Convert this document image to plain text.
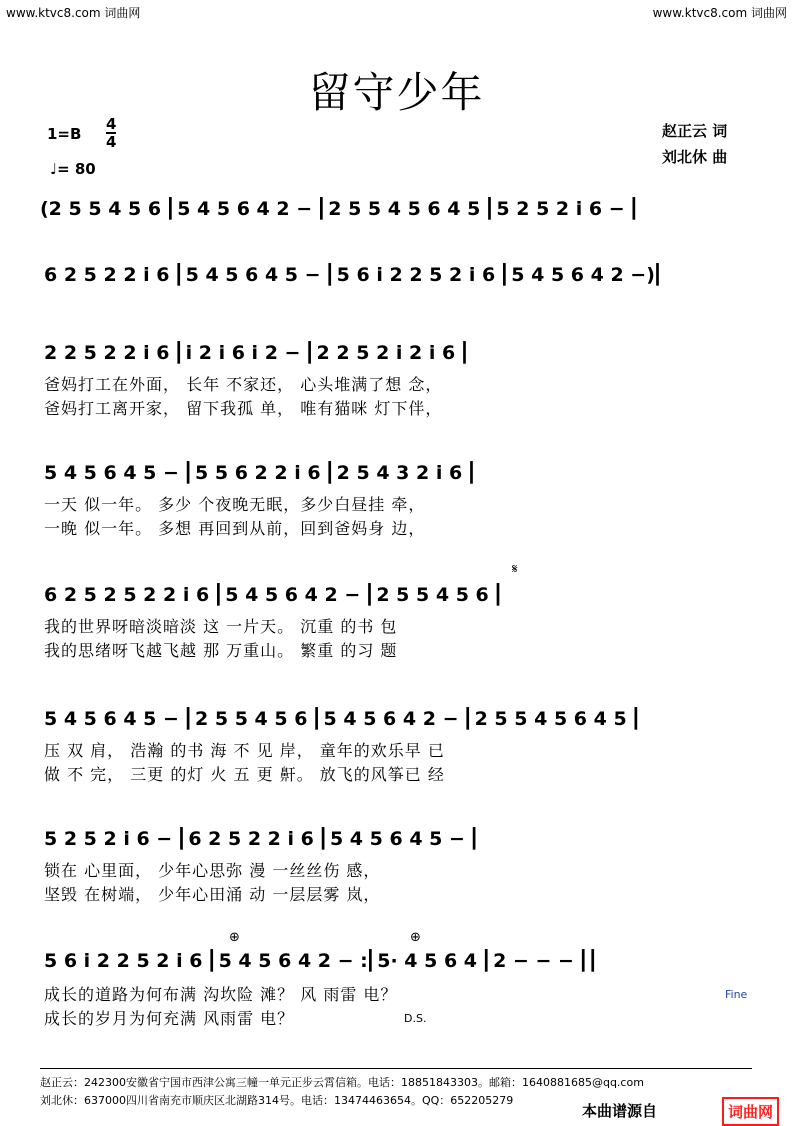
www.ktvc8.com 词曲网	www.ktvc8.com 词曲网
留守少年
1=B
4
4
♩= 80
赵正云 词
刘北休 曲
(2 5 5 4 5 6 ⎜5 4 5 6 4 2 − ⎜2 5 5 4 5 6 4 5 ⎜5 2 5 2 i 6 − ⎜
6 2 5 2 2 i 6 ⎜5 4 5 6 4 5 − ⎜5 6 i 2 2 5 2 i 6 ⎜5 4 5 6 4 2 −)⎜
2 2 5 2 2 i 6 ⎜i 2 i 6 i 2 − ⎜2 2 5 2 i 2 i 6 ⎜
爸妈打工在外面， 长年 不家还， 心头堆满了想 念，
爸妈打工离开家， 留下我孤 单， 唯有猫咪 灯下伴，
5 4 5 6 4 5 − ⎜5 5 6 2 2 i 6 ⎜2 5 4 3 2 i 6 ⎜
一天 似一年。 多少 个夜晚无眠，多少白昼挂 牵，
一晚 似一年。 多想 再回到从前，回到爸妈身 边，
𝄋
6 2 5 2 5 2 2 i 6 ⎜5 4 5 6 4 2 − ⎜2 5 5 4 5 6 ⎜
我的世界呀暗淡暗淡 这 一片天。 沉重 的书 包
我的思绪呀飞越飞越 那 万重山。 繁重 的习 题
5 4 5 6 4 5 − ⎜2 5 5 4 5 6 ⎜5 4 5 6 4 2 − ⎜2 5 5 4 5 6 4 5 ⎜
压 双 肩， 浩瀚 的书 海 不 见 岸， 童年的欢乐早 已
做 不 完， 三更 的灯 火 五 更 鼾。 放飞的风筝已 经
5 2 5 2 i 6 − ⎜6 2 5 2 2 i 6 ⎜5 4 5 6 4 5 − ⎜
锁在 心里面， 少年心思弥 漫 一丝丝伤 感，
坚毁 在树端， 少年心田涌 动 一层层雾 岚，
⊕	⊕
5 6 i 2 2 5 2 i 6 ⎜5 4 5 6 4 2 − :⎜5· 4 5 6 4 ⎜2 − − − ⎜⎜
成长的道路为何布满 沟坎险 滩？ 风 雨雷 电？
成长的岁月为何充满 风雨雷 电？
Fine
D.S.
赵正云：242300安徽省宁国市西津公寓三幢一单元正步云霄信箱。电话：18851843303。邮箱：1640881685@qq.com
刘北休：637000四川省南充市顺庆区北湖路314号。电话：13474463654。QQ：652205279
本曲谱源自	词曲网
